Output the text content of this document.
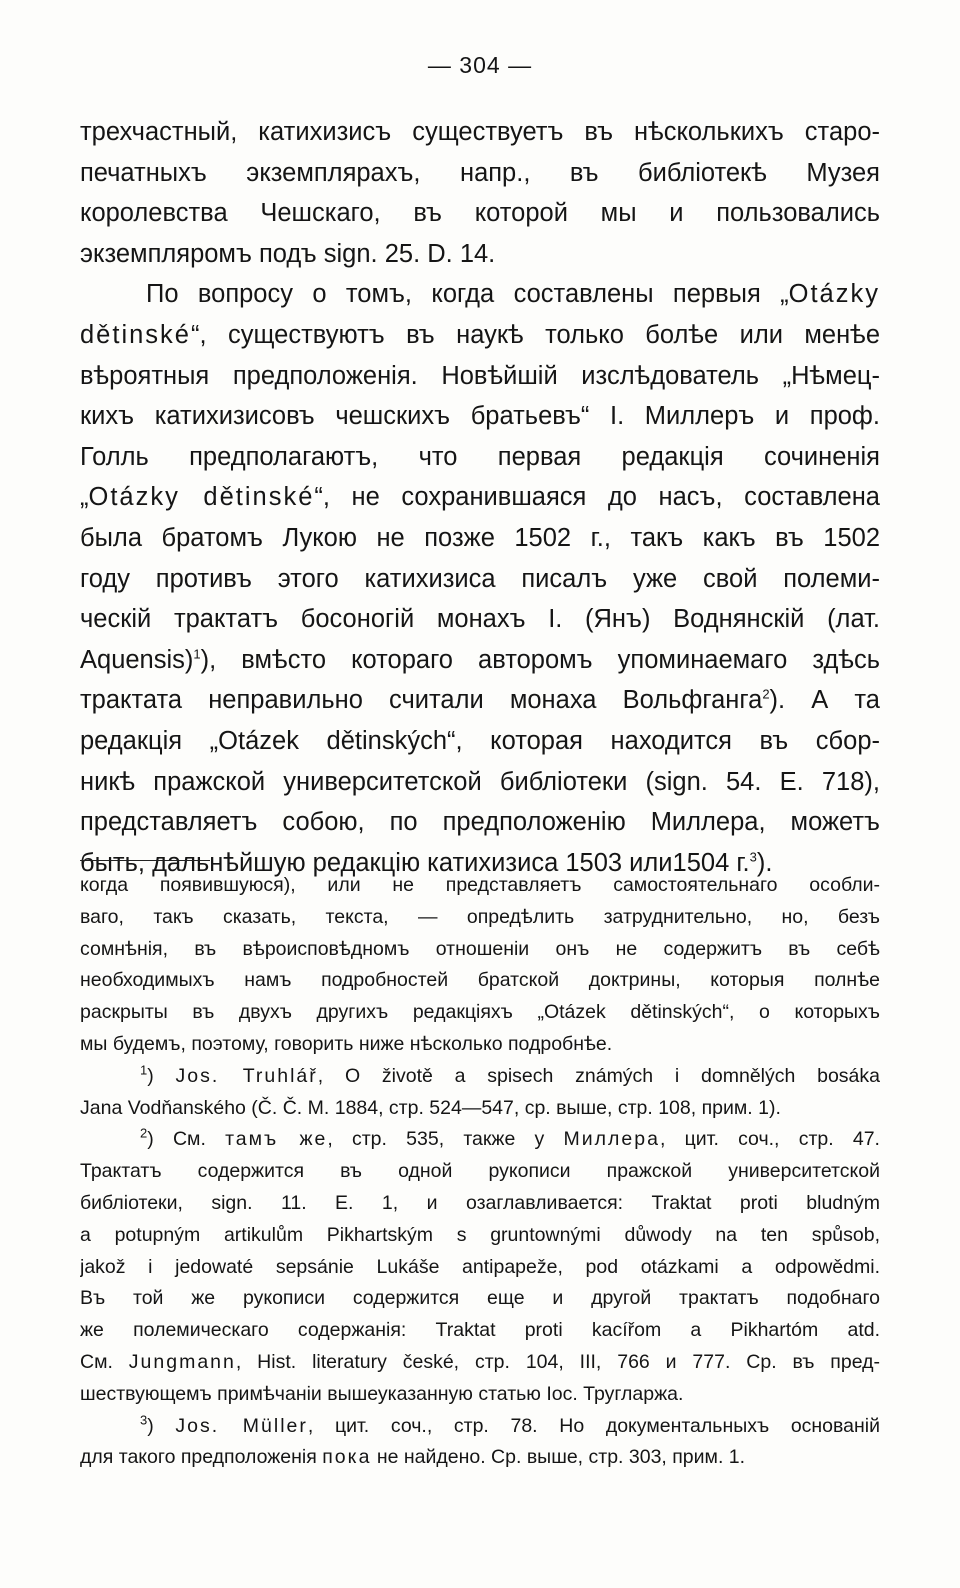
— 304 —
трехчастный, катихизисъ существуетъ въ нѣсколькихъ старо-
печатныхъ экземплярахъ, напр., въ библіотекѣ Музея
королевства Чешскаго, въ которой мы и пользовались
экземпляромъ подъ sign. 25. D. 14.
По вопросу о томъ, когда составлены первыя „Otázky
dětinské“, существуютъ въ наукѣ только болѣе или менѣе
вѣроятныя предположенія. Новѣйшій изслѣдователь „Нѣмец-
кихъ катихизисовъ чешскихъ братьевъ“ I. Миллеръ и проф.
Голль предполагаютъ, что первая редакція сочиненія
„Otázky dětinské“, не сохранившаяся до насъ, составлена
была братомъ Лукою не позже 1502 г., такъ какъ въ 1502
году противъ этого катихизиса писалъ уже свой полеми-
ческій трактатъ босоногій монахъ I. (Янъ) Воднянскій (лат.
Aquensis)$^1$), вмѣсто котораго авторомъ упоминаемаго здѣсь
трактата неправильно считали монаха Вольфганга$^2$). А та
редакція „Otázek dětinských“, которая находится въ сбор-
никѣ пражской университетской библіотеки (sign. 54. E. 718),
представляетъ собою, по предположенію Миллера, можетъ
быть, дальнѣйшую редакцію катихизиса 1503 или1504 г.$^3$).
когда появившуюся), или не представляетъ самостоятельнаго особли-
ваго, такъ сказать, текста, — опредѣлить затруднительно, но, безъ
сомнѣнія, въ вѣроисповѣдномъ отношеніи онъ не содержитъ въ себѣ
необходимыхъ намъ подробностей братской доктрины, которыя полнѣе
раскрыты въ двухъ другихъ редакціяхъ „Otázek dětinských“, о которыхъ
мы будемъ, поэтому, говорить ниже нѣсколько подробнѣе.
$^1$) Jos. Truhlář, O životě a spisech známých i domnělých bosáka
Jana Vodňanského (Č. Č. M. 1884, стр. 524—547, ср. выше, стр. 108, прим. 1).
$^2$) См. тамъ же, стр. 535, также у Миллера, цит. соч., стр. 47.
Трактатъ содержится въ одной рукописи пражской университетской
библіотеки, sign. 11. E. 1, и озаглавливается: Traktat proti bludným
a potupným artikulům Pikhartským s gruntownými důwody na ten spůsob,
jakož i jedowaté sepsánie Lukáše antipapeže, pod otázkami a odpowědmi.
Въ той же рукописи содержится еще и другой трактатъ подобнаго
же полемическаго содержанія: Traktat proti kacířom a Pikhartóm atd.
См. Jungmann, Hist. literatury české, стр. 104, III, 766 и 777. Ср. въ пред-
шествующемъ примѣчаніи вышеуказанную статью Іос. Тругларжа.
$^3$) Jos. Müller, цит. соч., стр. 78. Но документальныхъ основаній
для такого предположенія пока не найдено. Ср. выше, стр. 303, прим. 1.
